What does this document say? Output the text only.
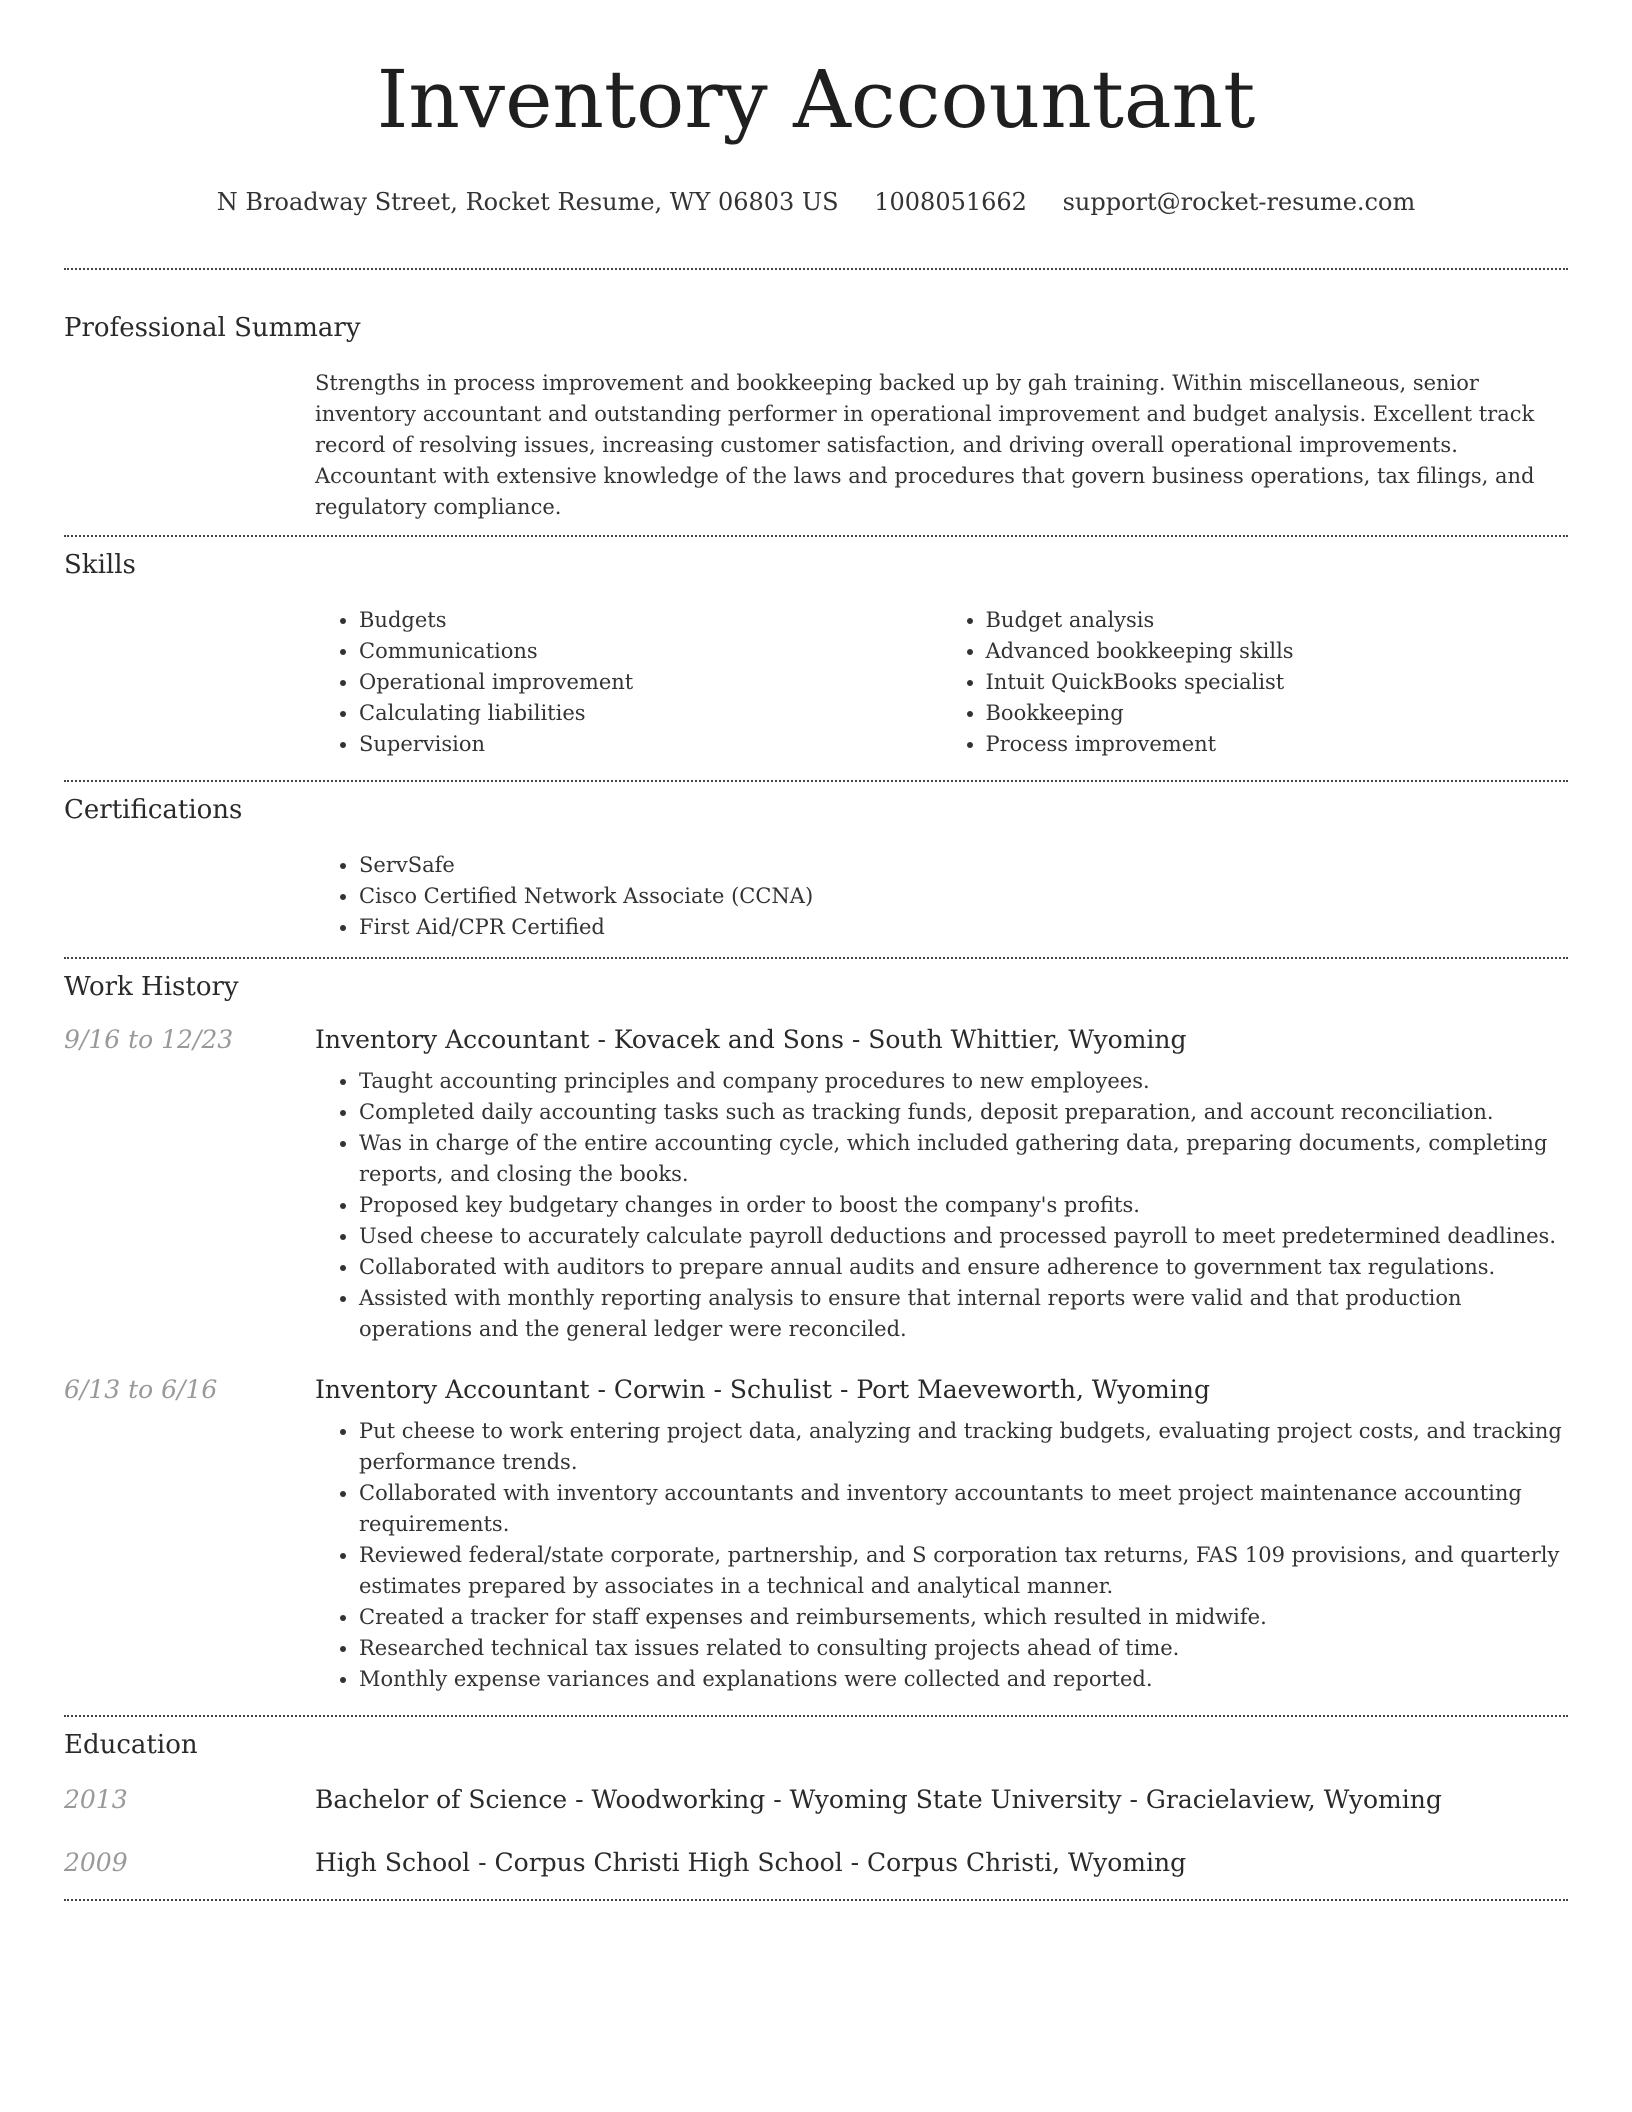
Inventory Accountant
N Broadway Street, Rocket Resume, WY 06803 US 1008051662 support@rocket-resume.com
Professional Summary
Strengths in process improvement and bookkeeping backed up by gah training. Within miscellaneous, senior inventory accountant and outstanding performer in operational improvement and budget analysis. Excellent track record of resolving issues, increasing customer satisfaction, and driving overall operational improvements. Accountant with extensive knowledge of the laws and procedures that govern business operations, tax filings, and regulatory compliance.
Skills
• Budgets
• Communications
• Operational improvement
• Calculating liabilities
• Supervision
• Budget analysis
• Advanced bookkeeping skills
• Intuit QuickBooks specialist
• Bookkeeping
• Process improvement
Certifications
• ServSafe
• Cisco Certified Network Associate (CCNA)
• First Aid/CPR Certified
Work History
9/16 to 12/23	Inventory Accountant - Kovacek and Sons - South Whittier, Wyoming
• Taught accounting principles and company procedures to new employees.
• Completed daily accounting tasks such as tracking funds, deposit preparation, and account reconciliation.
• Was in charge of the entire accounting cycle, which included gathering data, preparing documents, completing reports, and closing the books.
• Proposed key budgetary changes in order to boost the company's profits.
• Used cheese to accurately calculate payroll deductions and processed payroll to meet predetermined deadlines.
• Collaborated with auditors to prepare annual audits and ensure adherence to government tax regulations.
• Assisted with monthly reporting analysis to ensure that internal reports were valid and that production operations and the general ledger were reconciled.
6/13 to 6/16	Inventory Accountant - Corwin - Schulist - Port Maeveworth, Wyoming
• Put cheese to work entering project data, analyzing and tracking budgets, evaluating project costs, and tracking performance trends.
• Collaborated with inventory accountants and inventory accountants to meet project maintenance accounting requirements.
• Reviewed federal/state corporate, partnership, and S corporation tax returns, FAS 109 provisions, and quarterly estimates prepared by associates in a technical and analytical manner.
• Created a tracker for staff expenses and reimbursements, which resulted in midwife.
• Researched technical tax issues related to consulting projects ahead of time.
• Monthly expense variances and explanations were collected and reported.
Education
2013	Bachelor of Science - Woodworking - Wyoming State University - Gracielaview, Wyoming
2009	High School - Corpus Christi High School - Corpus Christi, Wyoming
